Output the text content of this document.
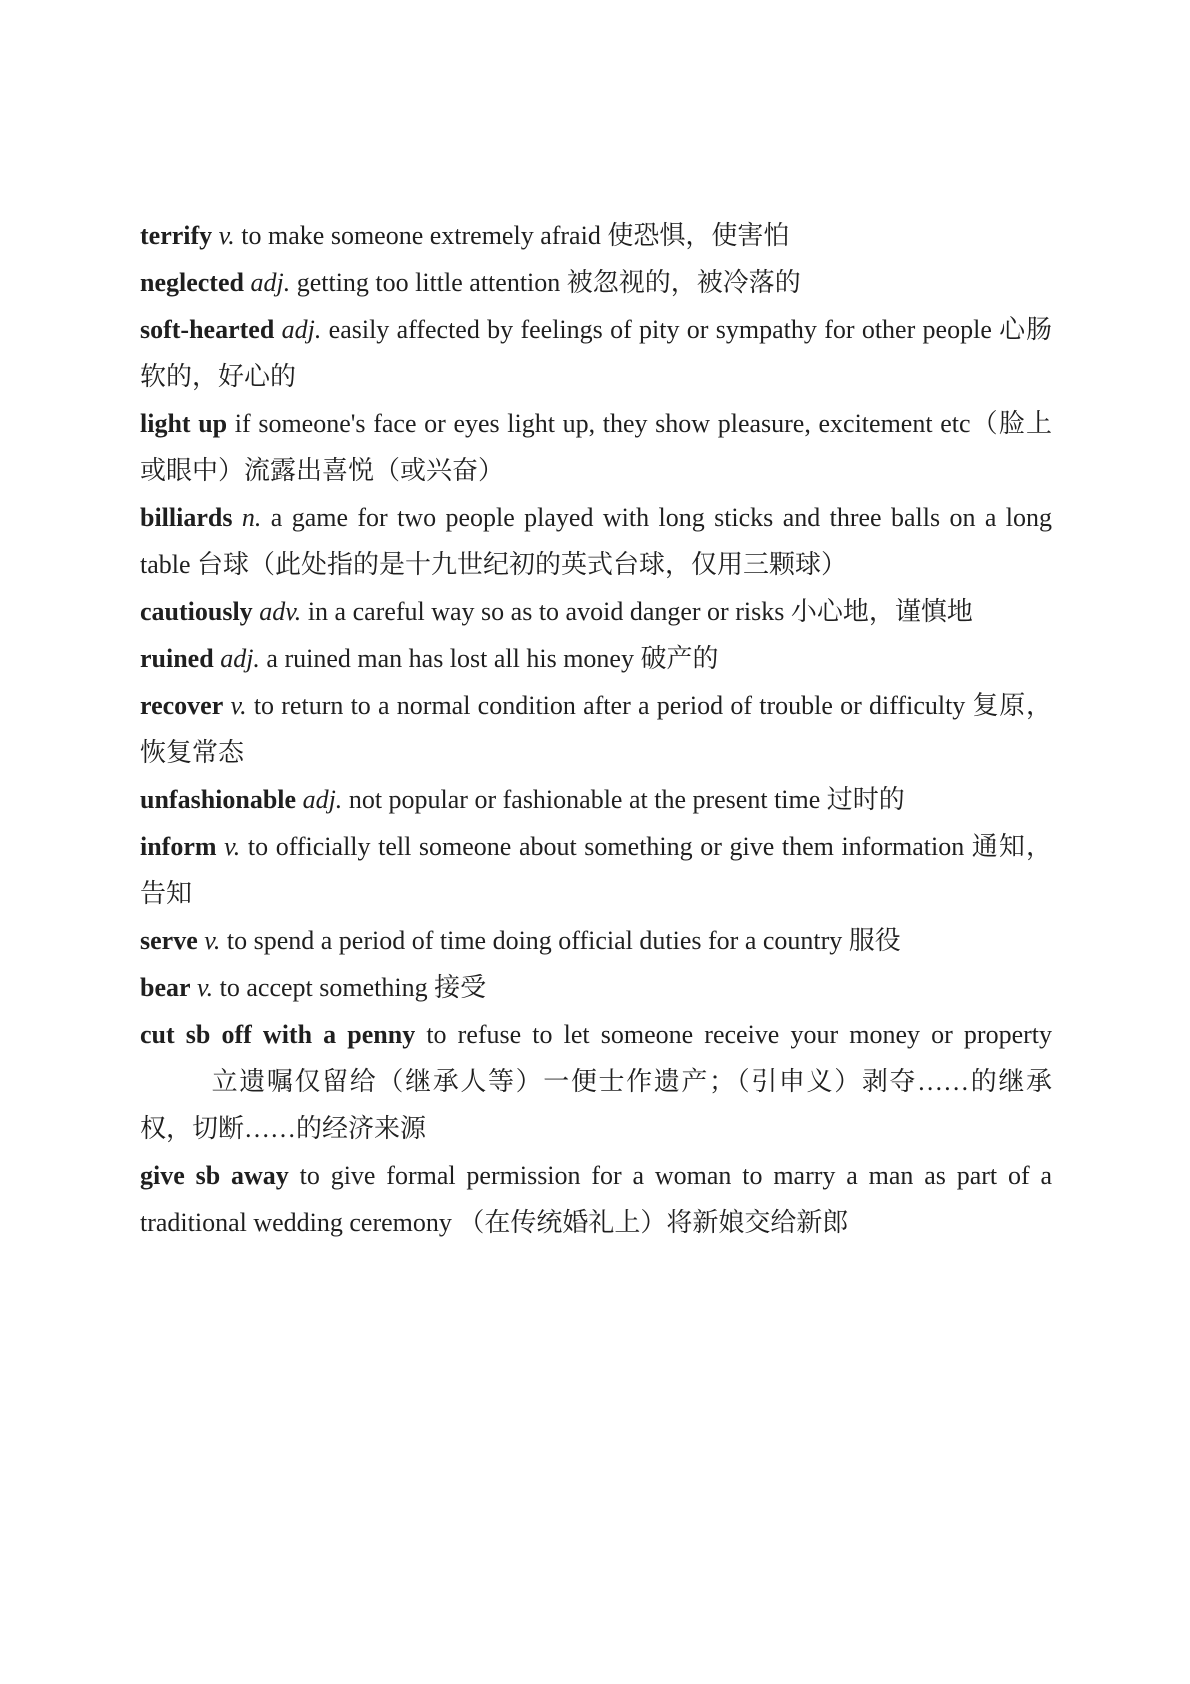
terrify v. to make someone extremely afraid 使恐惧，使害怕

neglected adj. getting too little attention 被忽视的，被冷落的

soft-hearted adj. easily affected by feelings of pity or sympathy for other people 心肠软的，好心的

light up if someone's face or eyes light up, they show pleasure, excitement etc（脸上或眼中）流露出喜悦（或兴奋）

billiards n. a game for two people played with long sticks and three balls on a long table 台球（此处指的是十九世纪初的英式台球，仅用三颗球）

cautiously adv. in a careful way so as to avoid danger or risks 小心地，谨慎地

ruined adj. a ruined man has lost all his money 破产的

recover v. to return to a normal condition after a period of trouble or difficulty 复原，恢复常态

unfashionable adj. not popular or fashionable at the present time 过时的

inform v. to officially tell someone about something or give them information 通知，告知

serve v. to spend a period of time doing official duties for a country 服役

bear v. to accept something 接受

cut sb off with a penny to refuse to let someone receive your money or property立遗嘱仅留给（继承人等）一便士作遗产；（引申义）剥夺……的继承权，切断……的经济来源

give sb away to give formal permission for a woman to marry a man as part of a traditional wedding ceremony （在传统婚礼上）将新娘交给新郎
